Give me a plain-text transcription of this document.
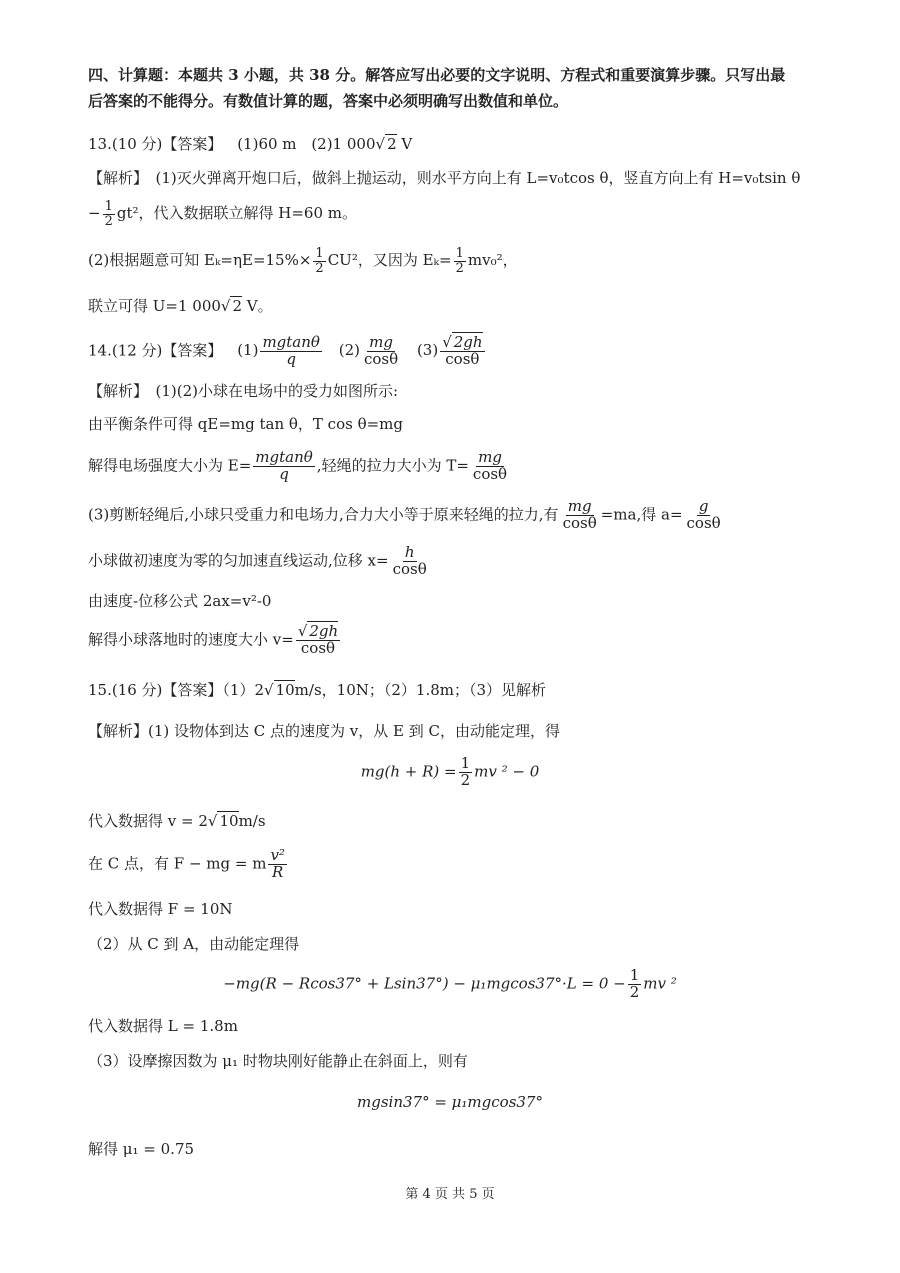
四、计算题：本题共 3 小题，共 38 分。解答应写出必要的文字说明、方程式和重要演算步骤。只写出最
后答案的不能得分。有数值计算的题，答案中必须明确写出数值和单位。
13.(10 分)【答案】 (1)60 m (2)1 000√ 2 V
【解析】　(1)灭火弹离开炮口后，做斜上抛运动，则水平方向上有 L=v₀tcos θ，竖直方向上有 H=v₀tsin θ
− $\frac{1}{2} gt^2$，代入数据联立解得 H=60 m。
(2)根据题意可知 $E_k=\eta E=15\%\times \frac{1}{2} CU^2$，又因为 $E_k= \frac{1}{2} mv_0^2$，
联立可得 U=1 000√ 2 V。
14.(12 分)【答案】 $(1) \frac{mgtan\theta}{q} (2) \frac{mg}{\cos\theta} (3) \frac{√ 2gh}{\cos\theta}$
【解析】　(1)(2)小球在电场中的受力如图所示:
由平衡条件可得 qE=mg tan θ，T cos θ=mg
解得电场强度大小为 $E= \frac{mgtan\theta}{q}$ ,轻绳的拉力大小为 $T= \frac{mg}{\cos\theta}$
(3)剪断轻绳后,小球只受重力和电场力,合力大小等于原来轻绳的拉力,有 $\frac{mg}{\cos\theta} =ma$,得 $a= \frac{g}{\cos\theta}$
小球做初速度为零的匀加速直线运动,位移 $x= \frac{h}{\cos\theta}$
由速度-位移公式 2ax=v²-0
解得小球落地时的速度大小 $v= \frac{√ 2gh}{\cos\theta}$
15.(16 分)【答案】（1）2√ 10m/s，10N；（2）1.8m；（3）见解析
【解析】(1) 设物体到达 C 点的速度为 v，从 E 到 C，由动能定理，得
$mg(h + R) = \frac{1}{2}$ mv ² − 0
代入数据得 v = 2√ 10m/s
在 C 点，有 F − mg = m $\frac{\text{v²}}{R}$
代入数据得 F = 10N
（2）从 C 到 A，由动能定理得
$-mg(R - Rcos37^\circ + Lsin37^\circ) - \mu_1mgcos37^\circ\cdot L = 0 - \frac{1}{2}$ mv ²
代入数据得 L = 1.8m
（3）设摩擦因数为 μ₁ 时物块刚好能静止在斜面上，则有
mgsin37° = μ₁mgcos37°
解得 μ₁ = 0.75
第 4 页 共 5 页
